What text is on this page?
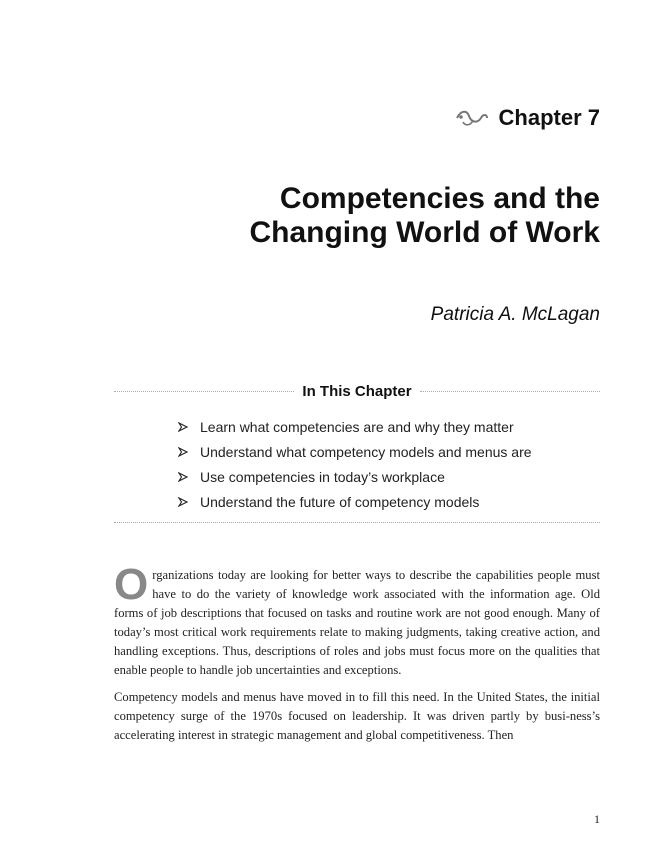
Chapter 7
Competencies and the
Changing World of Work
Patricia A. McLagan
In This Chapter
Learn what competencies are and why they matter
Understand what competency models and menus are
Use competencies in today’s workplace
Understand the future of competency models

Organizations today are looking for better ways to describe the capabilities people must have to do the variety of knowledge work associated with the information age. Old forms of job descriptions that focused on tasks and routine work are not good enough. Many of today’s most critical work requirements relate to making judgments, taking creative action, and handling exceptions. Thus, descriptions of roles and jobs must focus more on the qualities that enable people to handle job uncertainties and exceptions.

Competency models and menus have moved in to fill this need. In the United States, the initial competency surge of the 1970s focused on leadership. It was driven partly by busi-ness’s accelerating interest in strategic management and global competitiveness. Then

1
